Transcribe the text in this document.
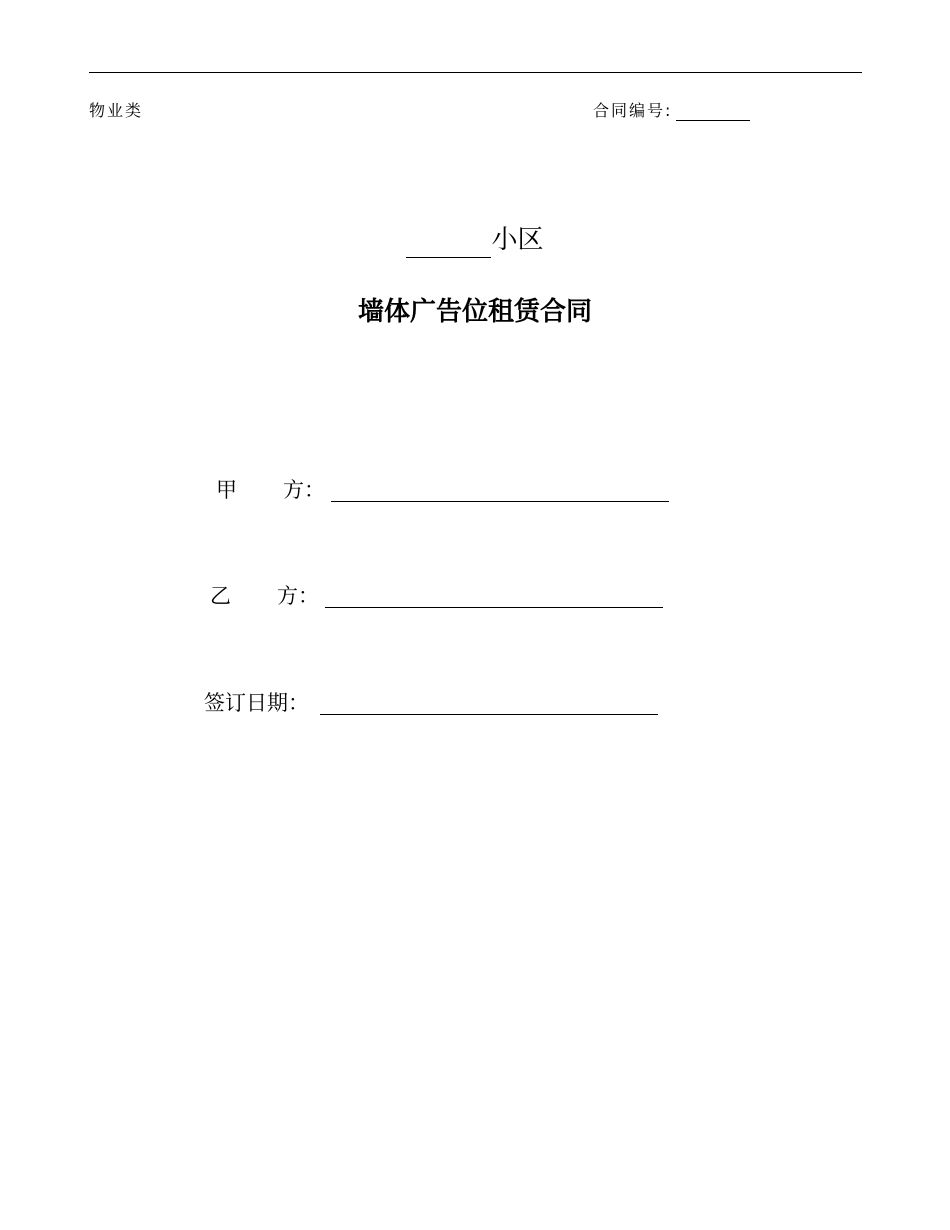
物业类	合同编号:
小区
墙体广告位租赁合同
甲 方：
乙 方：
签订日期：
